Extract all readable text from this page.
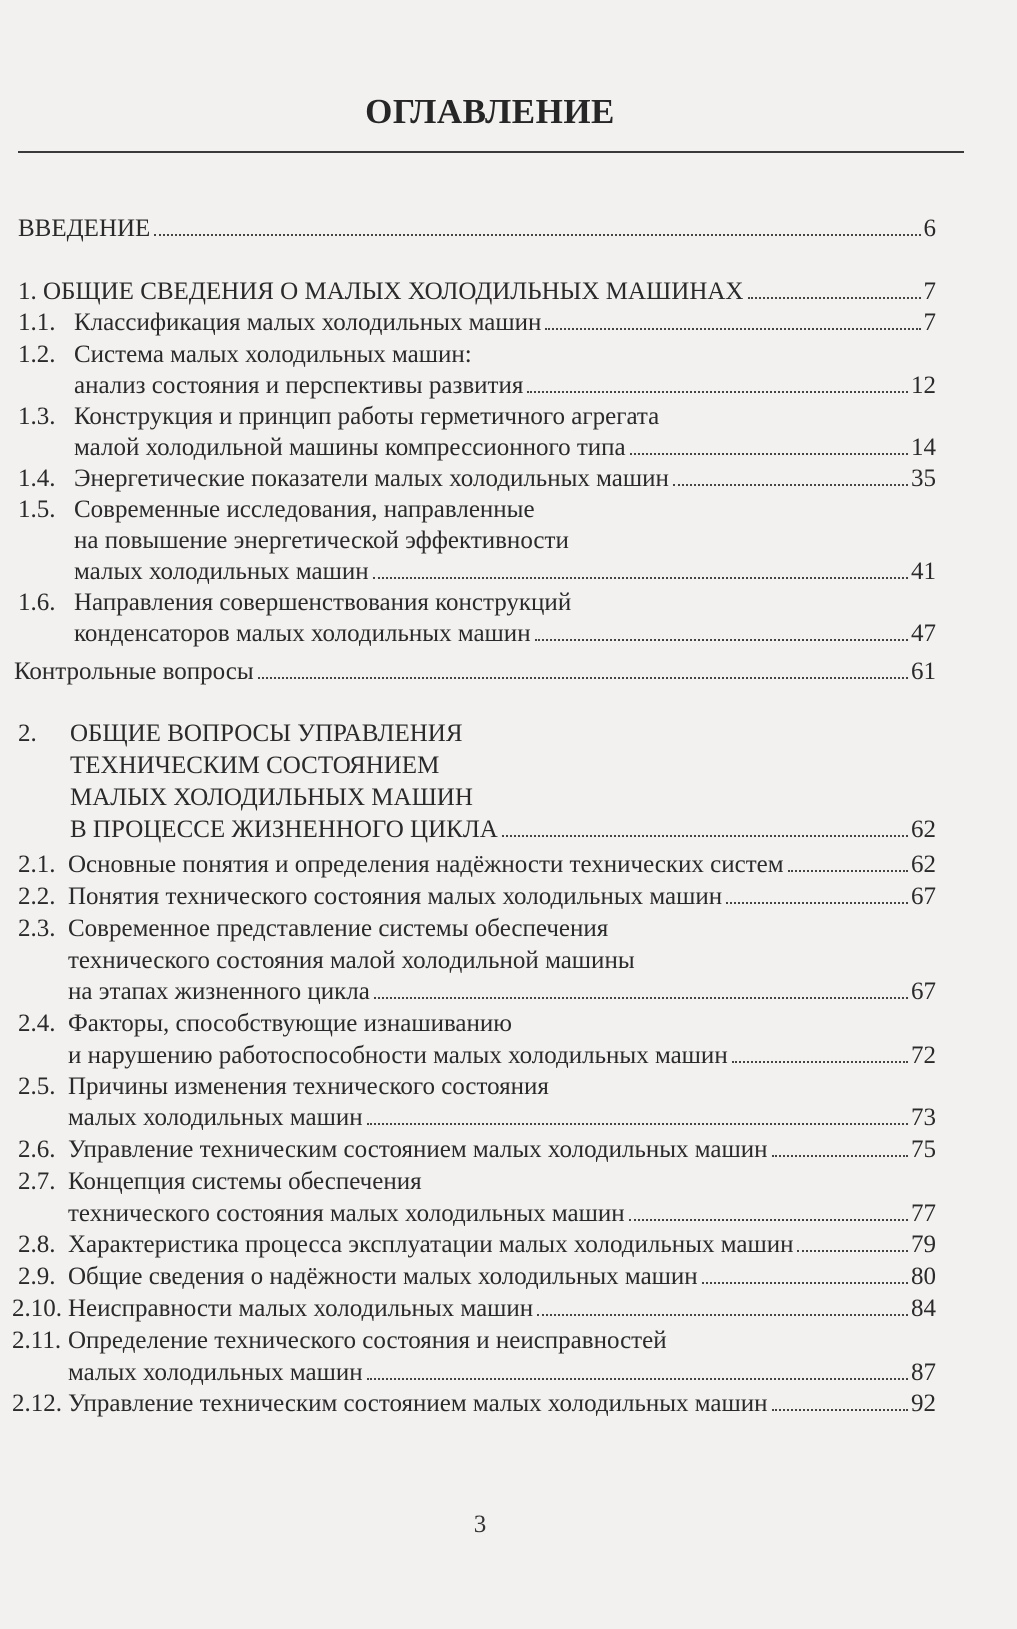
ОГЛАВЛЕНИЕ
ВВЕДЕНИЕ	6
1. ОБЩИЕ СВЕДЕНИЯ О МАЛЫХ ХОЛОДИЛЬНЫХ МАШИНАХ	7
1.1. Классификация малых холодильных машин	7
1.2. Система малых холодильных машин:
анализ состояния и перспективы развития	12
1.3. Конструкция и принцип работы герметичного агрегата
малой холодильной машины компрессионного типа	14
1.4. Энергетические показатели малых холодильных машин	35
1.5. Современные исследования, направленные
на повышение энергетической эффективности
малых холодильных машин	41
1.6. Направления совершенствования конструкций
конденсаторов малых холодильных машин	47
Контрольные вопросы	61
2. ОБЩИЕ ВОПРОСЫ УПРАВЛЕНИЯ
ТЕХНИЧЕСКИМ СОСТОЯНИЕМ
МАЛЫХ ХОЛОДИЛЬНЫХ МАШИН
В ПРОЦЕССЕ ЖИЗНЕННОГО ЦИКЛА	62
2.1. Основные понятия и определения надёжности технических систем	62
2.2. Понятия технического состояния малых холодильных машин	67
2.3. Современное представление системы обеспечения
технического состояния малой холодильной машины
на этапах жизненного цикла	67
2.4. Факторы, способствующие изнашиванию
и нарушению работоспособности малых холодильных машин	72
2.5. Причины изменения технического состояния
малых холодильных машин	73
2.6. Управление техническим состоянием малых холодильных машин	75
2.7. Концепция системы обеспечения
технического состояния малых холодильных машин	77
2.8. Характеристика процесса эксплуатации малых холодильных машин	79
2.9. Общие сведения о надёжности малых холодильных машин	80
2.10. Неисправности малых холодильных машин	84
2.11. Определение технического состояния и неисправностей
малых холодильных машин	87
2.12. Управление техническим состоянием малых холодильных машин	92
3
